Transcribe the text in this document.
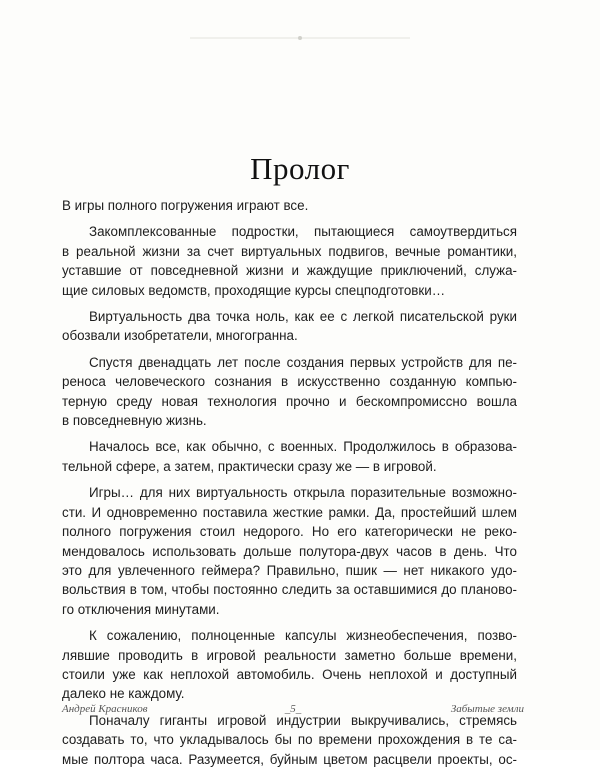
Пролог
В игры полного погружения играют все.
Закомплексованные подростки, пытающиеся самоутвердиться
в реальной жизни за счет виртуальных подвигов, вечные романтики,
уставшие от повседневной жизни и жаждущие приключений, служа-
щие силовых ведомств, проходящие курсы спецподготовки…
Виртуальность два точка ноль, как ее с легкой писательской руки
обозвали изобретатели, многогранна.
Спустя двенадцать лет после создания первых устройств для пе-
реноса человеческого сознания в искусственно созданную компью-
терную среду новая технология прочно и бескомпромиссно вошла
в повседневную жизнь.
Началось все, как обычно, с военных. Продолжилось в образова-
тельной сфере, а затем, практически сразу же — в игровой.
Игры… для них виртуальность открыла поразительные возможно-
сти. И одновременно поставила жесткие рамки. Да, простейший шлем
полного погружения стоил недорого. Но его категорически не реко-
мендовалось использовать дольше полутора-двух часов в день. Что
это для увлеченного геймера? Правильно, пшик — нет никакого удо-
вольствия в том, чтобы постоянно следить за оставшимися до планово-
го отключения минутами.
К сожалению, полноценные капсулы жизнеобеспечения, позво-
лявшие проводить в игровой реальности заметно больше времени,
стоили уже как неплохой автомобиль. Очень неплохой и доступный
далеко не каждому.
Поначалу гиганты игровой индустрии выкручивались, стремясь
создавать то, что укладывалось бы по времени прохождения в те са-
мые полтора часа. Разумеется, буйным цветом расцвели проекты, ос-
Андрей Красников	_5_	Забытые земли
